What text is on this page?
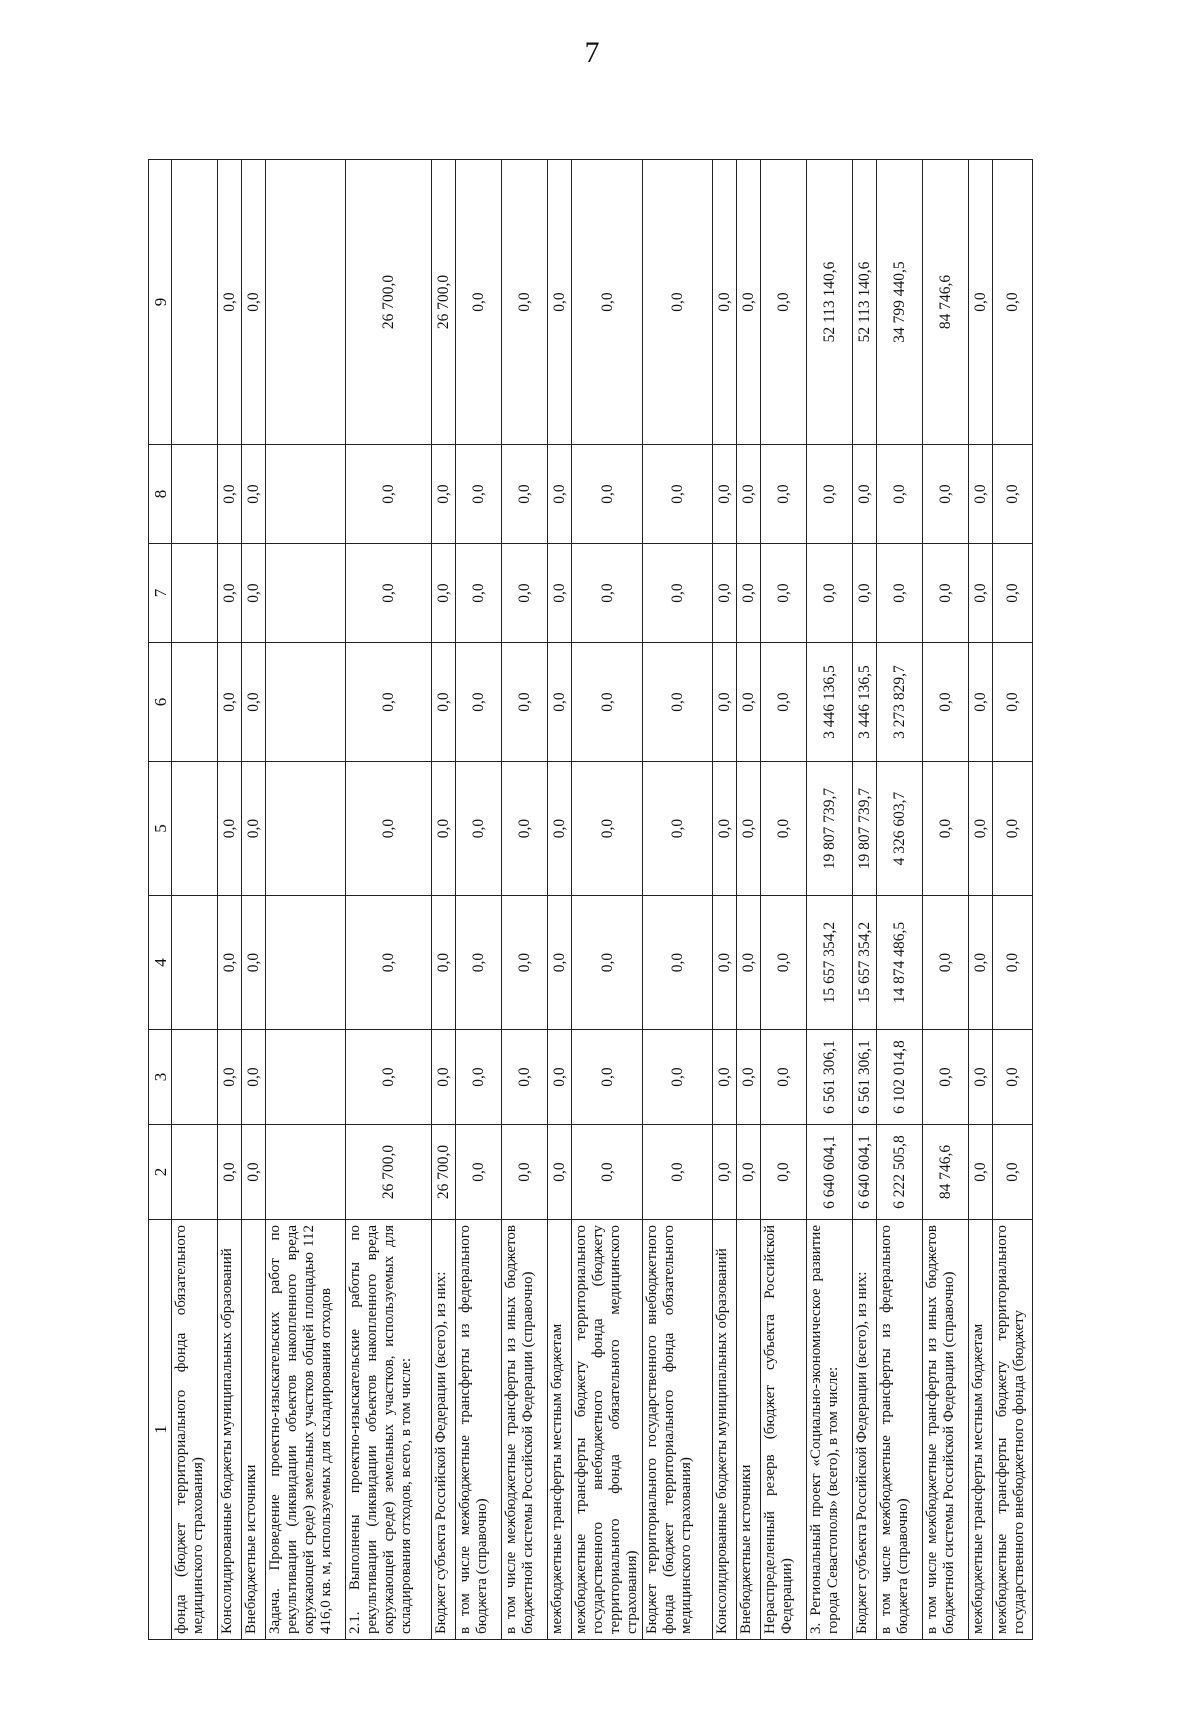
7
1	2	3	4	5	6	7	8	9
фонда (бюджет территориального фонда обязательного медицинского страхования)								
Консолидированные бюджеты муниципальных образований	0,0	0,0	0,0	0,0	0,0	0,0	0,0	0,0
Внебюджетные источники	0,0	0,0	0,0	0,0	0,0	0,0	0,0	0,0
Задача. Проведение проектно-изыскательских работ по рекультивации (ликвидации объектов накопленного вреда окружающей среде) земельных участков общей площадью 112 416,0 кв. м, используемых для складирования отходов								
2.1. Выполнены проектно-изыскательские работы по рекультивации (ликвидации объектов накопленного вреда окружающей среде) земельных участков, используемых для складирования отходов, всего, в том числе:	26 700,0	0,0	0,0	0,0	0,0	0,0	0,0	26 700,0
Бюджет субъекта Российской Федерации (всего), из них:	26 700,0	0,0	0,0	0,0	0,0	0,0	0,0	26 700,0
в том числе межбюджетные трансферты из федерального бюджета (справочно)	0,0	0,0	0,0	0,0	0,0	0,0	0,0	0,0
в том числе межбюджетные трансферты из иных бюджетов бюджетной системы Российской Федерации (справочно)	0,0	0,0	0,0	0,0	0,0	0,0	0,0	0,0
межбюджетные трансферты местным бюджетам	0,0	0,0	0,0	0,0	0,0	0,0	0,0	0,0
межбюджетные трансферты бюджету территориального государственного внебюджетного фонда (бюджету территориального фонда обязательного медицинского страхования)	0,0	0,0	0,0	0,0	0,0	0,0	0,0	0,0
Бюджет территориального государственного внебюджетного фонда (бюджет территориального фонда обязательного медицинского страхования)	0,0	0,0	0,0	0,0	0,0	0,0	0,0	0,0
Консолидированные бюджеты муниципальных образований	0,0	0,0	0,0	0,0	0,0	0,0	0,0	0,0
Внебюджетные источники	0,0	0,0	0,0	0,0	0,0	0,0	0,0	0,0
Нераспределенный резерв (бюджет субъекта Российской Федерации)	0,0	0,0	0,0	0,0	0,0	0,0	0,0	0,0
3. Региональный проект «Социально-экономическое развитие города Севастополя» (всего), в том числе:	6 640 604,1	6 561 306,1	15 657 354,2	19 807 739,7	3 446 136,5	0,0	0,0	52 113 140,6
Бюджет субъекта Российской Федерации (всего), из них:	6 640 604,1	6 561 306,1	15 657 354,2	19 807 739,7	3 446 136,5	0,0	0,0	52 113 140,6
в том числе межбюджетные трансферты из федерального бюджета (справочно)	6 222 505,8	6 102 014,8	14 874 486,5	4 326 603,7	3 273 829,7	0,0	0,0	34 799 440,5
в том числе межбюджетные трансферты из иных бюджетов бюджетной системы Российской Федерации (справочно)	84 746,6	0,0	0,0	0,0	0,0	0,0	0,0	84 746,6
межбюджетные трансферты местным бюджетам	0,0	0,0	0,0	0,0	0,0	0,0	0,0	0,0
межбюджетные трансферты бюджету территориального государственного внебюджетного фонда (бюджету	0,0	0,0	0,0	0,0	0,0	0,0	0,0	0,0
